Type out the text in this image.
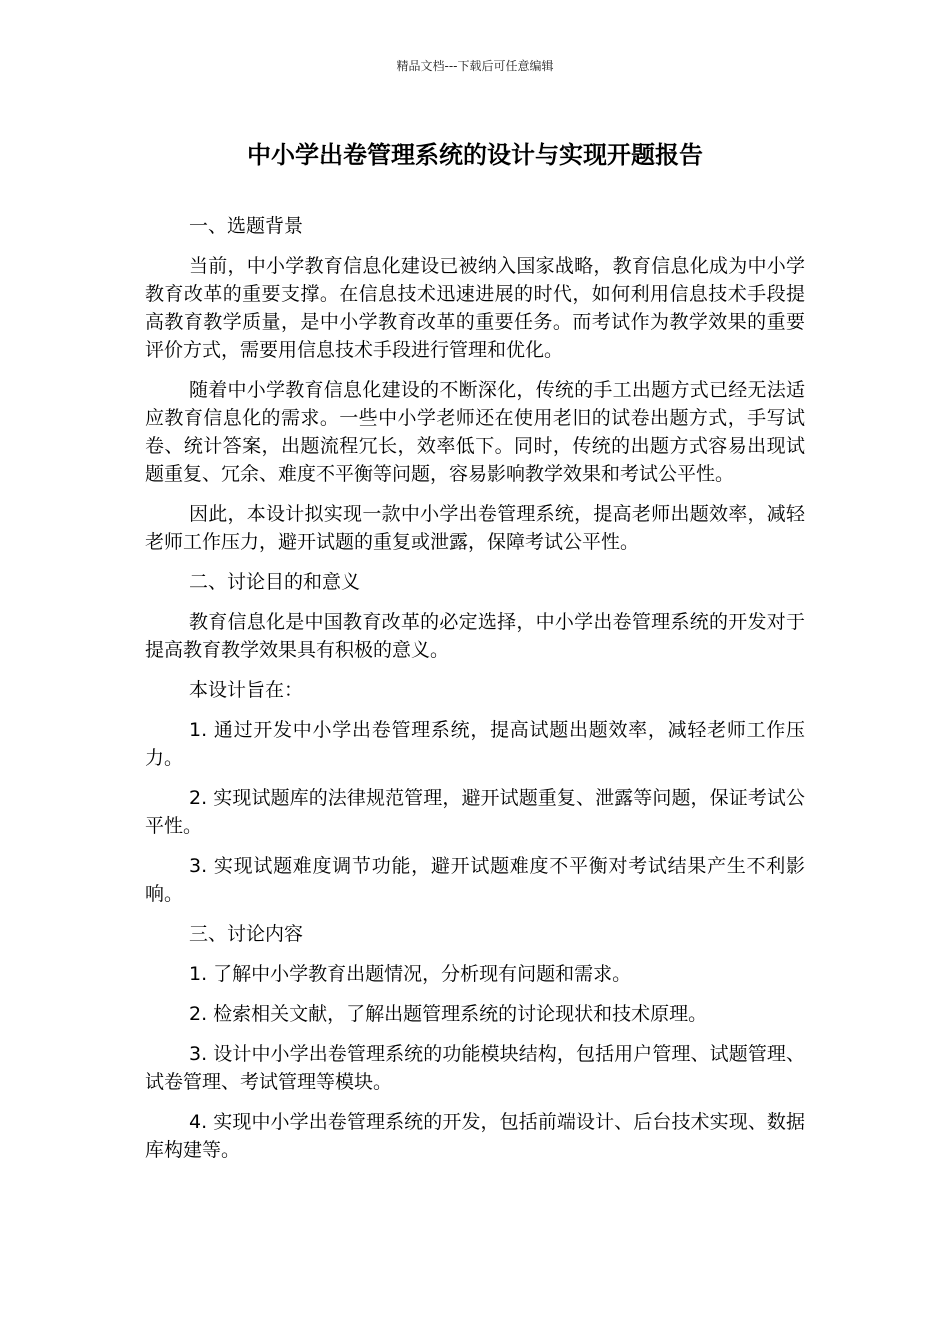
精品文档---下载后可任意编辑
中小学出卷管理系统的设计与实现开题报告

一、选题背景

当前，中小学教育信息化建设已被纳入国家战略，教育信息化成为中小学教育改革的重要支撑。在信息技术迅速进展的时代，如何利用信息技术手段提高教育教学质量，是中小学教育改革的重要任务。而考试作为教学效果的重要评价方式，需要用信息技术手段进行管理和优化。

随着中小学教育信息化建设的不断深化，传统的手工出题方式已经无法适应教育信息化的需求。一些中小学老师还在使用老旧的试卷出题方式，手写试卷、统计答案，出题流程冗长，效率低下。同时，传统的出题方式容易出现试题重复、冗余、难度不平衡等问题，容易影响教学效果和考试公平性。

因此，本设计拟实现一款中小学出卷管理系统，提高老师出题效率，减轻老师工作压力，避开试题的重复或泄露，保障考试公平性。

二、讨论目的和意义

教育信息化是中国教育改革的必定选择，中小学出卷管理系统的开发对于提高教育教学效果具有积极的意义。

本设计旨在：

1. 通过开发中小学出卷管理系统，提高试题出题效率，减轻老师工作压力。

2. 实现试题库的法律规范管理，避开试题重复、泄露等问题，保证考试公平性。

3. 实现试题难度调节功能，避开试题难度不平衡对考试结果产生不利影响。

三、讨论内容

1. 了解中小学教育出题情况，分析现有问题和需求。

2. 检索相关文献，了解出题管理系统的讨论现状和技术原理。

3. 设计中小学出卷管理系统的功能模块结构，包括用户管理、试题管理、试卷管理、考试管理等模块。

4. 实现中小学出卷管理系统的开发，包括前端设计、后台技术实现、数据库构建等。
